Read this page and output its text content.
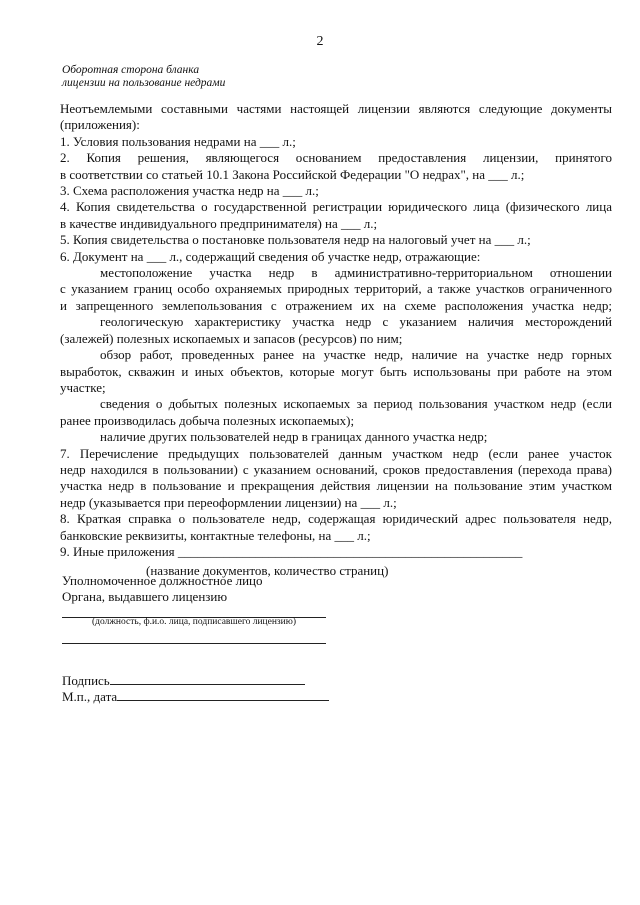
2
Оборотная сторона бланка
лицензии на пользование недрами
Неотъемлемыми составными частями настоящей лицензии являются следующие документы
(приложения):
1. Условия пользования недрами на ___ л.;
2. Копия решения, являющегося основанием предоставления лицензии, принятого
в соответствии со статьей 10.1 Закона Российской Федерации "О недрах", на ___ л.;
3. Схема расположения участка недр на ___ л.;
4. Копия свидетельства о государственной регистрации юридического лица (физического лица
в качестве индивидуального предпринимателя) на ___ л.;
5. Копия свидетельства о постановке пользователя недр на налоговый учет на ___ л.;
6. Документ на ___ л., содержащий сведения об участке недр, отражающие:
местоположение участка недр в административно-территориальном отношении
с указанием границ особо охраняемых природных территорий, а также участков ограниченного
и запрещенного землепользования с отражением их на схеме расположения участка недр;
геологическую характеристику участка недр с указанием наличия месторождений
(залежей) полезных ископаемых и запасов (ресурсов) по ним;
обзор работ, проведенных ранее на участке недр, наличие на участке недр горных
выработок, скважин и иных объектов, которые могут быть использованы при работе на этом
участке;
сведения о добытых полезных ископаемых за период пользования участком недр (если
ранее производилась добыча полезных ископаемых);
наличие других пользователей недр в границах данного участка недр;
7. Перечисление предыдущих пользователей данным участком недр (если ранее участок
недр находился в пользовании) с указанием оснований, сроков предоставления (перехода права)
участка недр в пользование и прекращения действия лицензии на пользование этим участком
недр (указывается при переоформлении лицензии) на ___ л.;
8. Краткая справка о пользователе недр, содержащая юридический адрес пользователя недр,
банковские реквизиты, контактные телефоны, на ___ л.;
9. Иные приложения _____________________________________________________
(название документов, количество страниц)
Уполномоченное должностное лицо
Органа, выдавшего лицензию
(должность, ф.и.о. лица, подписавшего лицензию)
Подпись
М.п., дата
